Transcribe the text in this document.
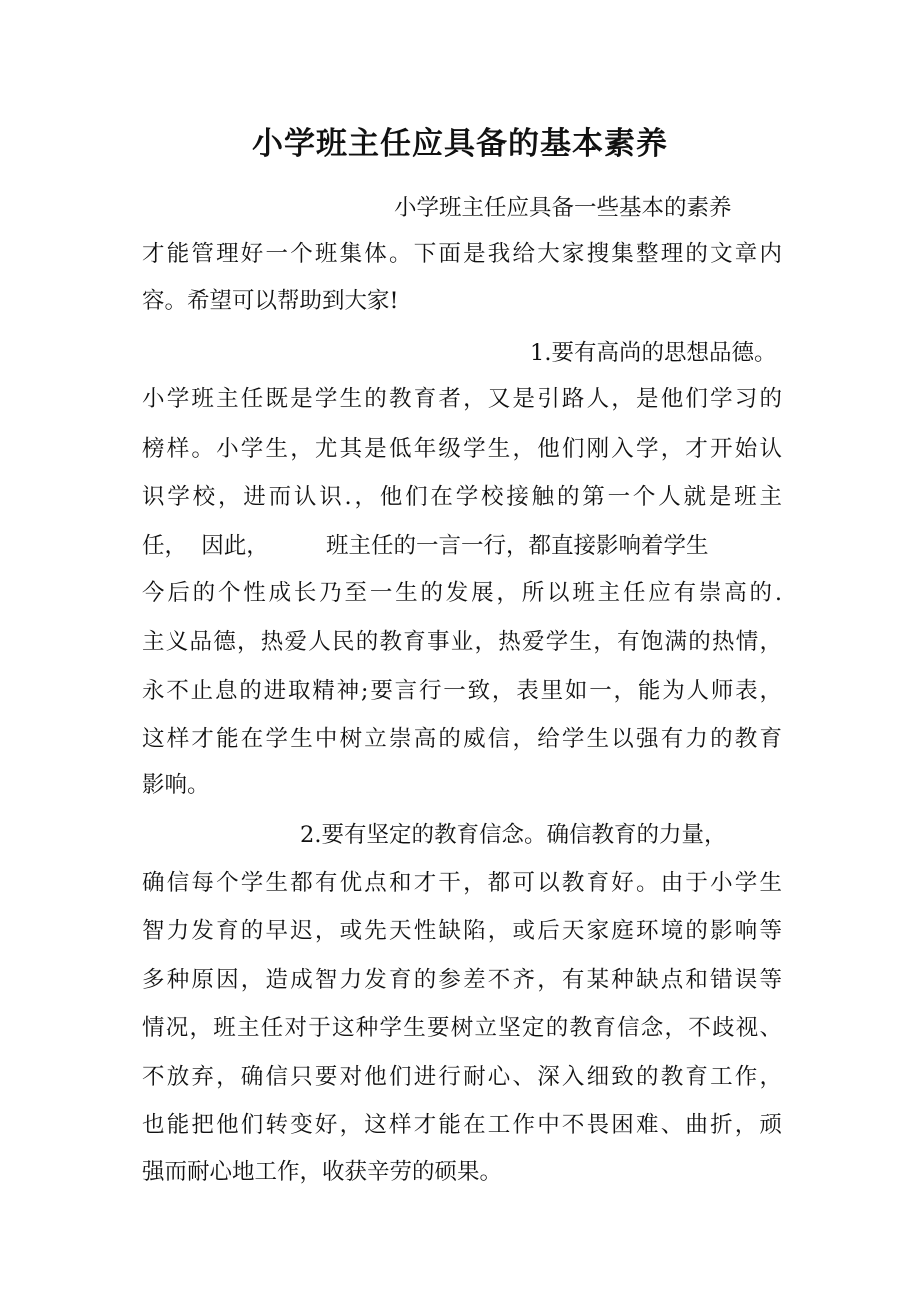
小学班主任应具备的基本素养

小学班主任应具备一些基本的素养

才能管理好一个班集体。下面是我给大家搜集整理的文章内

容。希望可以帮助到大家!

1.要有高尚的思想品德。

小学班主任既是学生的教育者，又是引路人，是他们学习的

榜样。小学生，尤其是低年级学生，他们刚入学，才开始认

识学校，进而认识.，他们在学校接触的第一个人就是班主

任，  因此，        班主任的一言一行，都直接影响着学生

今后的个性成长乃至一生的发展，所以班主任应有崇高的.

主义品德，热爱人民的教育事业，热爱学生，有饱满的热情，

永不止息的进取精神;要言行一致，表里如一，能为人师表，

这样才能在学生中树立崇高的威信，给学生以强有力的教育

影响。

2.要有坚定的教育信念。确信教育的力量，

确信每个学生都有优点和才干，都可以教育好。由于小学生

智力发育的早迟，或先天性缺陷，或后天家庭环境的影响等

多种原因，造成智力发育的参差不齐，有某种缺点和错误等

情况，班主任对于这种学生要树立坚定的教育信念，不歧视、

不放弃，确信只要对他们进行耐心、深入细致的教育工作，

也能把他们转变好，这样才能在工作中不畏困难、曲折，顽

强而耐心地工作，收获辛劳的硕果。
